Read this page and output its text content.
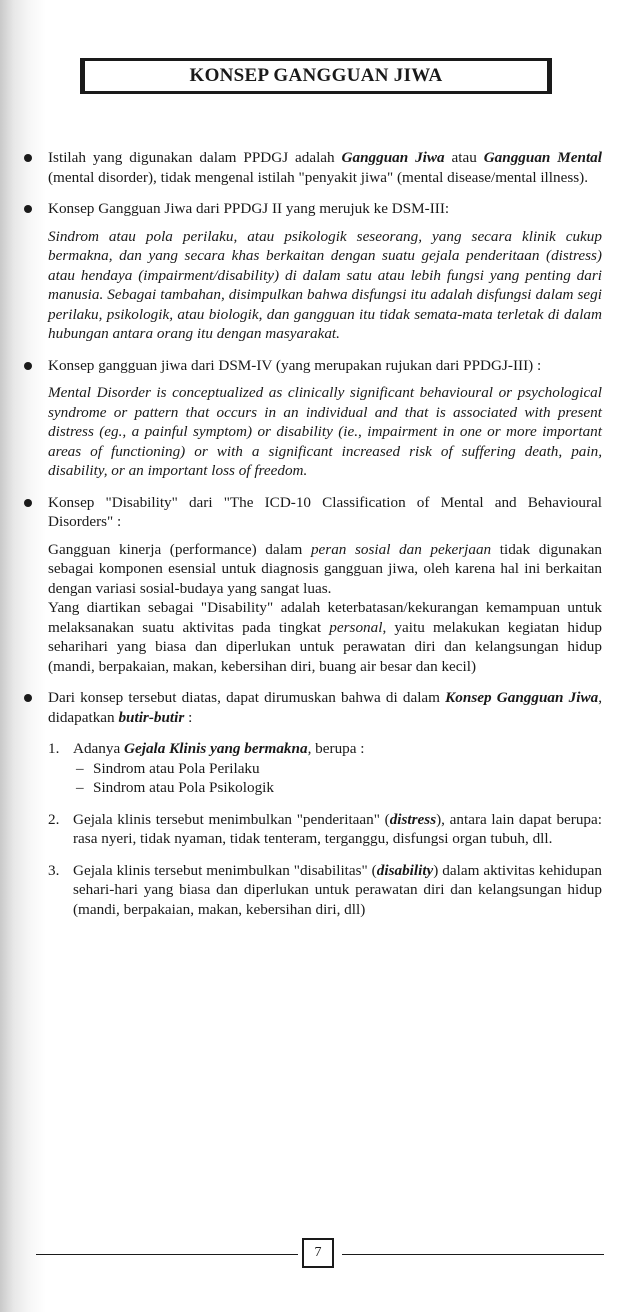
KONSEP GANGGUAN JIWA

Istilah yang digunakan dalam PPDGJ adalah Gangguan Jiwa atau Gangguan Mental (mental disorder), tidak mengenal istilah "penyakit jiwa" (mental disease/mental illness).

Konsep Gangguan Jiwa dari PPDGJ II yang merujuk ke DSM-III:

Sindrom atau pola perilaku, atau psikologik seseorang, yang secara klinik cukup bermakna, dan yang secara khas berkaitan dengan suatu gejala penderitaan (distress) atau hendaya (impairment/disability) di dalam satu atau lebih fungsi yang penting dari manusia. Sebagai tambahan, disimpulkan bahwa disfungsi itu adalah disfungsi dalam segi perilaku, psikologik, atau biologik, dan gangguan itu tidak semata-mata terletak di dalam hubungan antara orang itu dengan masyarakat.

Konsep gangguan jiwa dari DSM-IV (yang merupakan rujukan dari PPDGJ-III) :

Mental Disorder is conceptualized as clinically significant behavioural or psychological syndrome or pattern that occurs in an individual and that is associated with present distress (eg., a painful symptom) or disability (ie., impairment in one or more important areas of functioning) or with a significant increased risk of suffering death, pain, disability, or an important loss of freedom.

Konsep "Disability" dari "The ICD-10 Classification of Mental and Behavioural Disorders" :

Gangguan kinerja (performance) dalam peran sosial dan pekerjaan tidak digunakan sebagai komponen esensial untuk diagnosis gangguan jiwa, oleh karena hal ini berkaitan dengan variasi sosial-budaya yang sangat luas.

Yang diartikan sebagai "Disability" adalah keterbatasan/kekurangan kemampuan untuk melaksanakan suatu aktivitas pada tingkat personal, yaitu melakukan kegiatan hidup seharihari yang biasa dan diperlukan untuk perawatan diri dan kelangsungan hidup (mandi, berpakaian, makan, kebersihan diri, buang air besar dan kecil)

Dari konsep tersebut diatas, dapat dirumuskan bahwa di dalam Konsep Gangguan Jiwa, didapatkan butir-butir :

1. Adanya Gejala Klinis yang bermakna, berupa :

– Sindrom atau Pola Perilaku

– Sindrom atau Pola Psikologik

2. Gejala klinis tersebut menimbulkan "penderitaan" (distress), antara lain dapat berupa: rasa nyeri, tidak nyaman, tidak tenteram, terganggu, disfungsi organ tubuh, dll.

3. Gejala klinis tersebut menimbulkan "disabilitas" (disability) dalam aktivitas kehidupan sehari-hari yang biasa dan diperlukan untuk perawatan diri dan kelangsungan hidup (mandi, berpakaian, makan, kebersihan diri, dll)

7
